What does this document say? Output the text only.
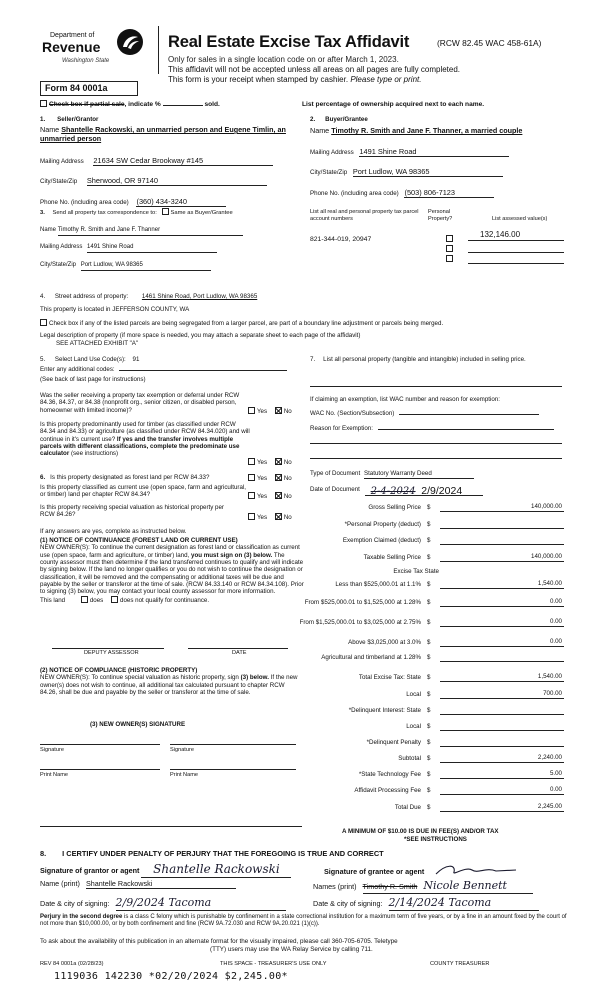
Department of
Revenue
Washington State
Real Estate Excise Tax Affidavit	(RCW 82.45 WAC 458-61A)
Only for sales in a single location code on or after March 1, 2023.
This affidavit will not be accepted unless all areas on all pages are fully completed.
This form is your receipt when stamped by cashier. Please type or print.
Form 84 0001a
Check box if partial sale, indicate %	sold.	List percentage of ownership acquired next to each name.
1. Seller/Grantor
Name Shantelle Rackowski, an unmarried person and Eugene Timlin, an unmarried person
Mailing Address 21634 SW Cedar Brookway #145
City/State/Zip Sherwood, OR 97140
Phone No. (including area code) (360) 434-3240
3. Send all property tax correspondence to: Same as Buyer/Grantee
Name Timothy R. Smith and Jane F. Thanner
Mailing Address 1491 Shine Road
City/State/Zip Port Ludlow, WA 98365
2. Buyer/Grantee
Name Timothy R. Smith and Jane F. Thanner, a married couple
Mailing Address 1491 Shine Road
City/State/Zip Port Ludlow, WA 98365
Phone No. (including area code) (503) 806-7123
List all real and personal property tax parcel account numbers
Personal Property?	List assessed value(s)
821-344-019, 20947
132,146.00
4. Street address of property: 1461 Shine Road, Port Ludlow, WA 98365
This property is located in JEFFERSON COUNTY, WA
Check box if any of the listed parcels are being segregated from a larger parcel, are part of a boundary line adjustment or parcels being merged.
Legal description of property (if more space is needed, you may attach a separate sheet to each page of the affidavit)
SEE ATTACHED EXHIBIT "A"
5. Select Land Use Code(s): 91
Enter any additional codes:
(See back of last page for instructions)
Was the seller receiving a property tax exemption or deferral under RCW 84.36, 84.37, or 84.38 (nonprofit org., senior citizen, or disabled person, homeowner with limited income)?	Yes	No
Is this property predominantly used for timber (as classified under RCW 84.34 and 84.33) or agriculture (as classified under RCW 84.34.020) and will continue in it's current use? If yes and the transfer involves multiple parcels with different classifications, complete the predominate use calculator (see instructions)
Yes	No
6. Is this property designated as forest land per RCW 84.33?	Yes	No
Is this property classified as current use (open space, farm and agricultural, or timber) land per chapter RCW 84.34?	Yes	No
Is this property receiving special valuation as historical property per RCW 84.26?	Yes	No
If any answers are yes, complete as instructed below.
(1) NOTICE OF CONTINUANCE (FOREST LAND OR CURRENT USE)
NEW OWNER(S): To continue the current designation as forest land or classification as current use (open space, farm and agriculture, or timber) land, you must sign on (3) below. The county assessor must then determine if the land transferred continues to qualify and will indicate by signing below. If the land no longer qualifies or you do not wish to continue the designation or classification, it will be removed and the compensating or additional taxes will be due and payable by the seller or transferor at the time of sale. (RCW 84.33.140 or RCW 84.34.108). Prior to signing (3) below, you may contact your local county assessor for more information.
This land	does	does not qualify for continuance.
DEPUTY ASSESSOR	DATE
(2) NOTICE OF COMPLIANCE (HISTORIC PROPERTY)
NEW OWNER(S): To continue special valuation as historic property, sign (3) below. If the new owner(s) does not wish to continue, all additional tax calculated pursuant to chapter RCW 84.26, shall be due and payable by the seller or transferor at the time of sale.
(3) NEW OWNER(S) SIGNATURE
Signature	Signature
Print Name	Print Name
7. List all personal property (tangible and intangible) included in selling price.
If claiming an exemption, list WAC number and reason for exemption:
WAC No. (Section/Subsection)
Reason for Exemption:
Type of Document Statutory Warranty Deed
Date of Document 2-4-2024 2/9/2024
Gross Selling Price $	140,000.00
*Personal Property (deduct) $
Exemption Claimed (deduct) $
Taxable Selling Price $	140,000.00
Excise Tax State
Less than $525,000.01 at 1.1% $	1,540.00
From $525,000.01 to $1,525,000 at 1.28% $	0.00
From $1,525,000.01 to $3,025,000 at 2.75% $	0.00
Above $3,025,000 at 3.0% $	0.00
Agricultural and timberland at 1.28% $
Total Excise Tax: State $	1,540.00
Local $	700.00
*Delinquent Interest: State $
Local $
*Delinquent Penalty $
Subtotal $	2,240.00
*State Technology Fee $	5.00
Affidavit Processing Fee $	0.00
Total Due $	2,245.00
A MINIMUM OF $10.00 IS DUE IN FEE(S) AND/OR TAX
*SEE INSTRUCTIONS
8. I CERTIFY UNDER PENALTY OF PERJURY THAT THE FOREGOING IS TRUE AND CORRECT
Signature of grantor or agent Shantelle Rackowski	Signature of grantee or agent
Name (print) Shantelle Rackowski	Names (print) Timothy R. Smith Nicole Bennett
Date & city of signing: 2/9/2024 Tacoma	Date & city of signing: 2/14/2024 Tacoma
Perjury in the second degree is a class C felony which is punishable by confinement in a state correctional institution for a maximum term of five years, or by a fine in an amount fixed by the court of not more than $10,000.00, or by both confinement and fine (RCW 9A.72.030 and RCW 9A.20.021 (1)(c)).
To ask about the availability of this publication in an alternate format for the visually impaired, please call 360-705-6705. Teletype
(TTY) users may use the WA Relay Service by calling 711.
REV 84 0001a (02/28/23)	THIS SPACE - TREASURER'S USE ONLY	COUNTY TREASURER
1119036 142230 *02/20/2024 $2,245.00*
